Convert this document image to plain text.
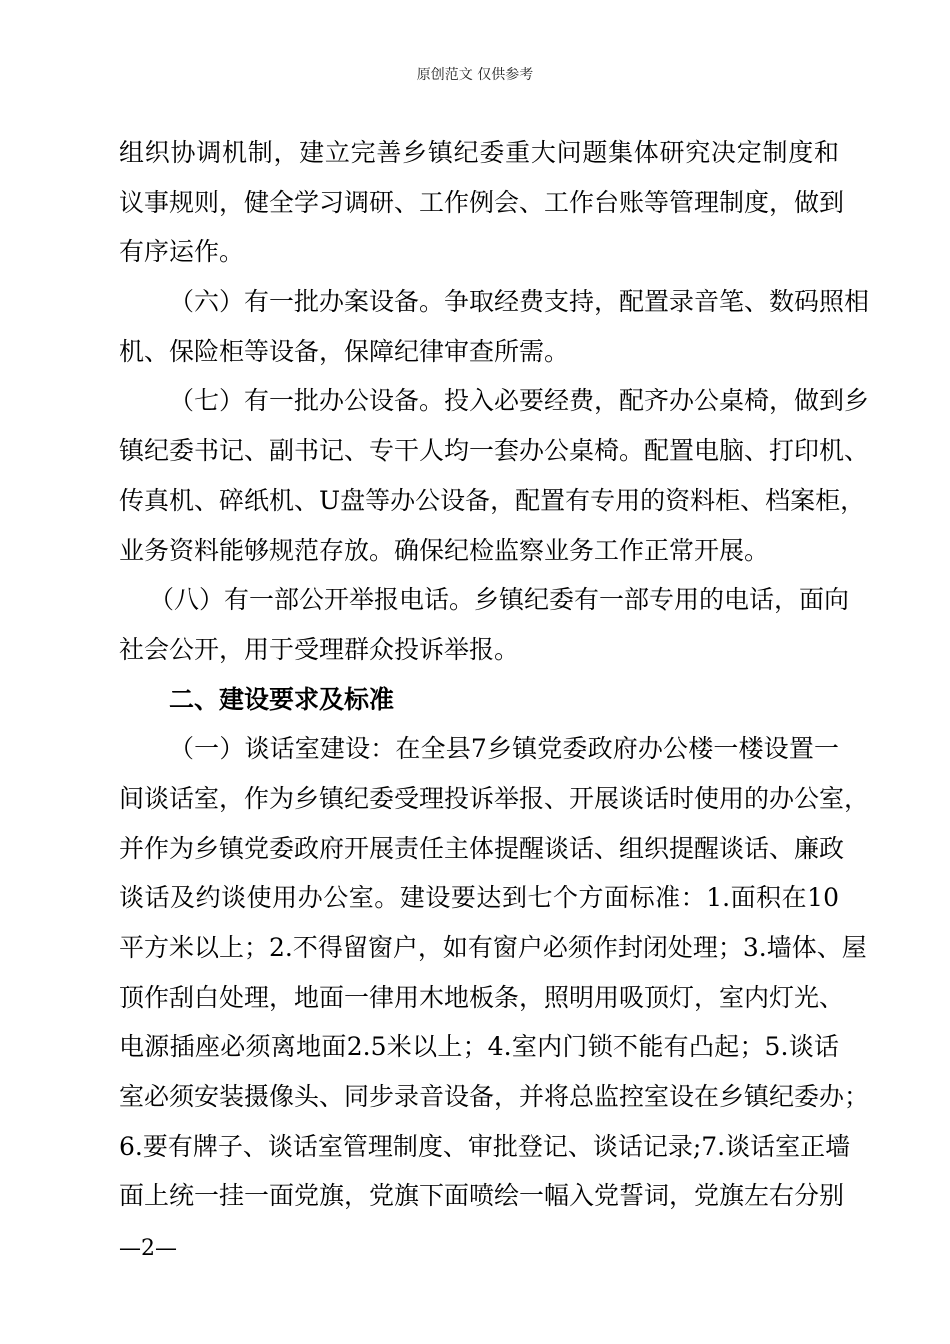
原创范文 仅供参考
组织协调机制，建立完善乡镇纪委重大问题集体研究决定制度和
议事规则，健全学习调研、工作例会、工作台账等管理制度，做到
有序运作。
（六）有一批办案设备。争取经费支持，配置录音笔、数码照相
机、保险柜等设备，保障纪律审查所需。
（七）有一批办公设备。投入必要经费，配齐办公桌椅，做到乡
镇纪委书记、副书记、专干人均一套办公桌椅。配置电脑、打印机、
传真机、碎纸机、U盘等办公设备，配置有专用的资料柜、档案柜，
业务资料能够规范存放。确保纪检监察业务工作正常开展。
（八）有一部公开举报电话。乡镇纪委有一部专用的电话，面向
社会公开，用于受理群众投诉举报。
二、建设要求及标准
（一）谈话室建设：在全县7乡镇党委政府办公楼一楼设置一
间谈话室，作为乡镇纪委受理投诉举报、开展谈话时使用的办公室，
并作为乡镇党委政府开展责任主体提醒谈话、组织提醒谈话、廉政
谈话及约谈使用办公室。建设要达到七个方面标准：1.面积在10
平方米以上；2.不得留窗户，如有窗户必须作封闭处理；3.墙体、屋
顶作刮白处理，地面一律用木地板条，照明用吸顶灯，室内灯光、
电源插座必须离地面2.5米以上；4.室内门锁不能有凸起；5.谈话
室必须安装摄像头、同步录音设备，并将总监控室设在乡镇纪委办；
6.要有牌子、谈话室管理制度、审批登记、谈话记录;7.谈话室正墙
面上统一挂一面党旗，党旗下面喷绘一幅入党誓词，党旗左右分别
—2—
